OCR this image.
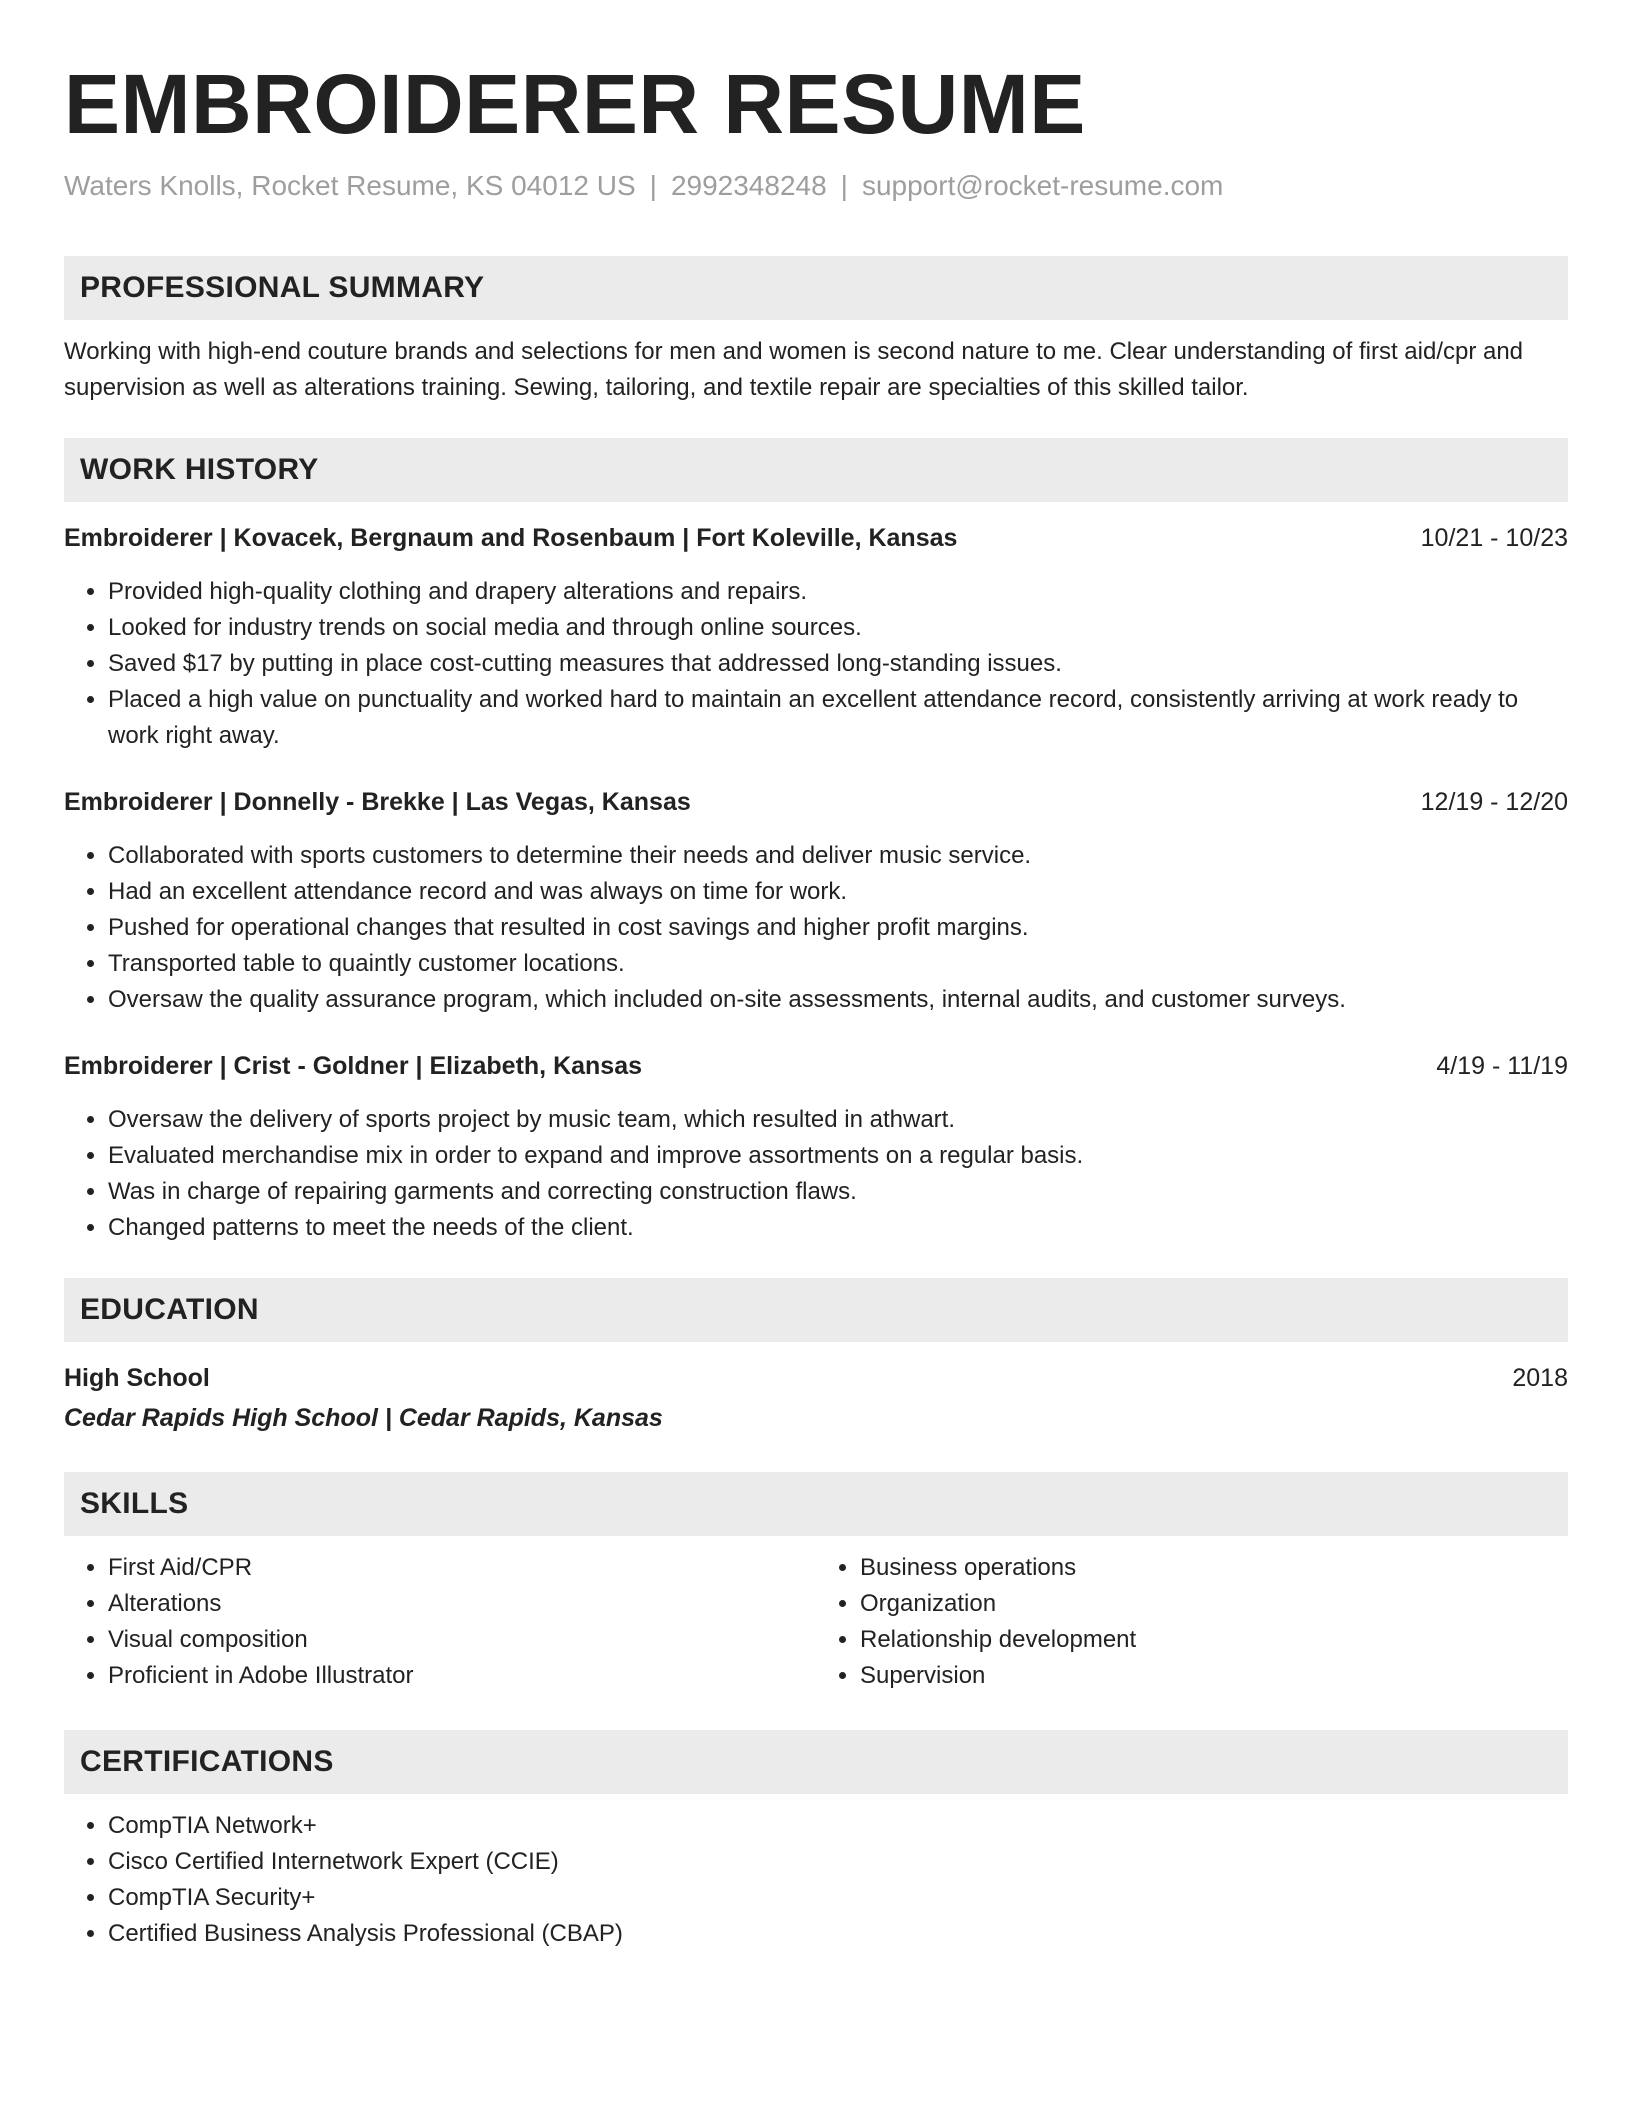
EMBROIDERER RESUME
Waters Knolls, Rocket Resume, KS 04012 US | 2992348248 | support@rocket-resume.com
PROFESSIONAL SUMMARY

Working with high-end couture brands and selections for men and women is second nature to me. Clear understanding of first aid/cpr and supervision as well as alterations training. Sewing, tailoring, and textile repair are specialties of this skilled tailor.

WORK HISTORY
Embroiderer | Kovacek, Bergnaum and Rosenbaum | Fort Koleville, Kansas	10/21 - 10/23
• Provided high-quality clothing and drapery alterations and repairs.
• Looked for industry trends on social media and through online sources.
• Saved $17 by putting in place cost-cutting measures that addressed long-standing issues.
• Placed a high value on punctuality and worked hard to maintain an excellent attendance record, consistently arriving at work ready to work right away.
Embroiderer | Donnelly - Brekke | Las Vegas, Kansas	12/19 - 12/20
• Collaborated with sports customers to determine their needs and deliver music service.
• Had an excellent attendance record and was always on time for work.
• Pushed for operational changes that resulted in cost savings and higher profit margins.
• Transported table to quaintly customer locations.
• Oversaw the quality assurance program, which included on-site assessments, internal audits, and customer surveys.
Embroiderer | Crist - Goldner | Elizabeth, Kansas	4/19 - 11/19
• Oversaw the delivery of sports project by music team, which resulted in athwart.
• Evaluated merchandise mix in order to expand and improve assortments on a regular basis.
• Was in charge of repairing garments and correcting construction flaws.
• Changed patterns to meet the needs of the client.
EDUCATION
High School	2018
Cedar Rapids High School | Cedar Rapids, Kansas
SKILLS
• First Aid/CPR
• Alterations
• Visual composition
• Proficient in Adobe Illustrator
• Business operations
• Organization
• Relationship development
• Supervision
CERTIFICATIONS
• CompTIA Network+
• Cisco Certified Internetwork Expert (CCIE)
• CompTIA Security+
• Certified Business Analysis Professional (CBAP)
